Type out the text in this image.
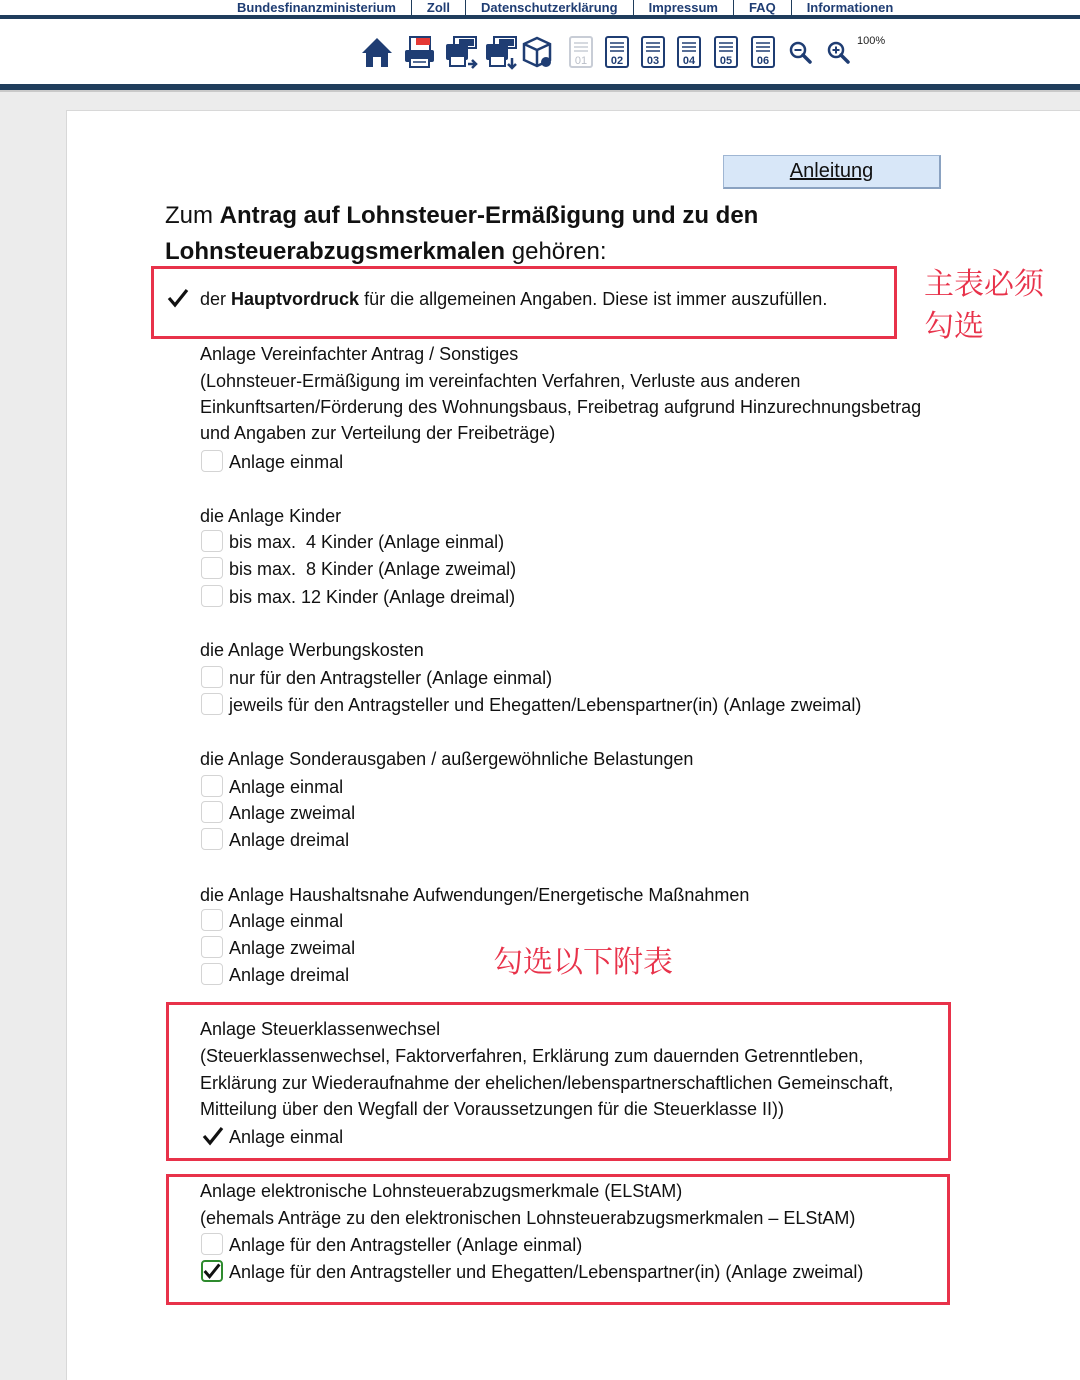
Bundesfinanzministerium	Zoll	Datenschutzerklärung	Impressum	FAQ	Informationen
01 02 03 04 05 06
100%
Anleitung
Zum Antrag auf Lohnsteuer-Ermäßigung und zu den
Lohnsteuerabzugsmerkmalen gehören:
der Hauptvordruck für die allgemeinen Angaben. Diese ist immer auszufüllen.
Anlage Vereinfachter Antrag / Sonstiges
(Lohnsteuer-Ermäßigung im vereinfachten Verfahren, Verluste aus anderen
Einkunftsarten/Förderung des Wohnungsbaus, Freibetrag aufgrund Hinzurechnungsbetrag
und Angaben zur Verteilung der Freibeträge)
Anlage einmal
die Anlage Kinder
bis max.  4 Kinder (Anlage einmal)
bis max.  8 Kinder (Anlage zweimal)
bis max. 12 Kinder (Anlage dreimal)
die Anlage Werbungskosten
nur für den Antragsteller (Anlage einmal)
jeweils für den Antragsteller und Ehegatten/Lebenspartner(in) (Anlage zweimal)
die Anlage Sonderausgaben / außergewöhnliche Belastungen
Anlage einmal
Anlage zweimal
Anlage dreimal
die Anlage Haushaltsnahe Aufwendungen/Energetische Maßnahmen
Anlage einmal
Anlage zweimal
Anlage dreimal
Anlage Steuerklassenwechsel
(Steuerklassenwechsel, Faktorverfahren, Erklärung zum dauernden Getrenntleben,
Erklärung zur Wiederaufnahme der ehelichen/lebenspartnerschaftlichen Gemeinschaft,
Mitteilung über den Wegfall der Voraussetzungen für die Steuerklasse II))
Anlage einmal
Anlage elektronische Lohnsteuerabzugsmerkmale (ELStAM)
(ehemals Anträge zu den elektronischen Lohnsteuerabzugsmerkmalen – ELStAM)
Anlage für den Antragsteller (Anlage einmal)
Anlage für den Antragsteller und Ehegatten/Lebenspartner(in) (Anlage zweimal)
主表必须
勾选
勾选以下附表
